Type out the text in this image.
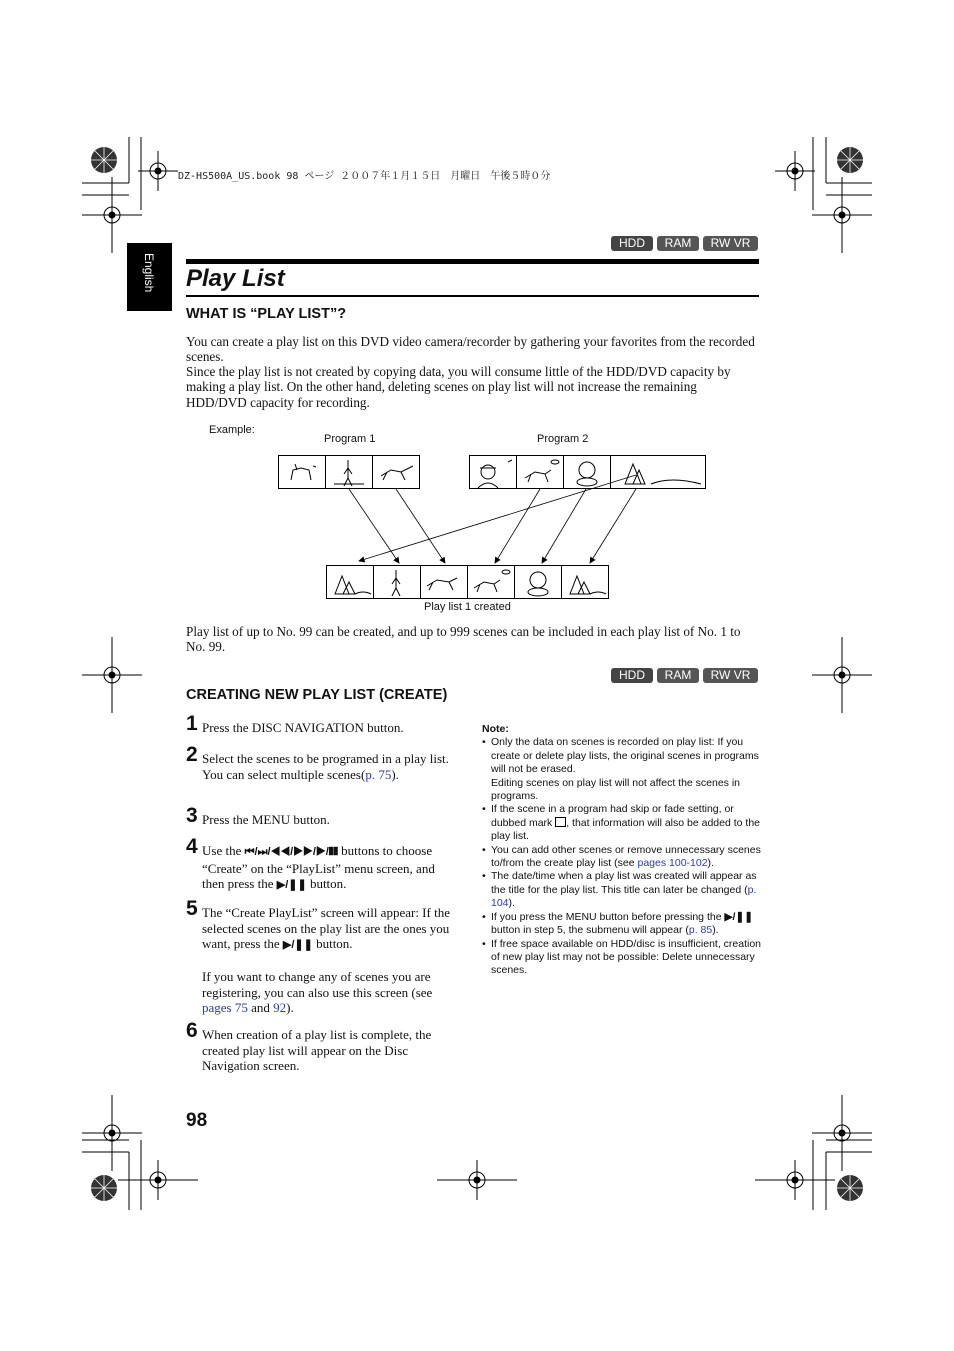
DZ-HS500A_US.book 98 ページ ２００７年１月１５日　月曜日　午後５時０分
English
HDD	RAM	RW VR
Play List
WHAT IS “PLAY LIST”?
You can create a play list on this DVD video camera/recorder by gathering your favorites from the recorded scenes.
Since the play list is not created by copying data, you will consume little of the HDD/DVD capacity by making a play list. On the other hand, deleting scenes on play list will not increase the remaining HDD/DVD capacity for recording.
Example:
Program 1	Program 2
Play list 1 created
Play list of up to No. 99 can be created, and up to 999 scenes can be included in each play list of No. 1 to No. 99.
HDD	RAM	RW VR
CREATING NEW PLAY LIST (CREATE)
1 Press the DISC NAVIGATION button.
2 Select the scenes to be programed in a play list.
You can select multiple scenes(p. 75).
3 Press the MENU button.
4 Use the ⏮/⏭/◀◀/▶▶/▶/❚❚ buttons to choose “Create” on the “PlayList” menu screen, and then press the ▶/❚❚ button.
5 The “Create PlayList” screen will appear: If the selected scenes on the play list are the ones you want, press the ▶/❚❚ button.
If you want to change any of scenes you are registering, you can also use this screen (see pages 75 and 92).
6 When creation of a play list is complete, the created play list will appear on the Disc Navigation screen.
Note:
• Only the data on scenes is recorded on play list: If you create or delete play lists, the original scenes in programs will not be erased.
Editing scenes on play list will not affect the scenes in programs.
• If the scene in a program had skip or fade setting, or dubbed mark , that information will also be added to the play list.
• You can add other scenes or remove unnecessary scenes to/from the create play list (see pages 100-102).
• The date/time when a play list was created will appear as the title for the play list. This title can later be changed (p. 104).
• If you press the MENU button before pressing the ▶/❚❚ button in step 5, the submenu will appear (p. 85).
• If free space available on HDD/disc is insufficient, creation of new play list may not be possible: Delete unnecessary scenes.
98
